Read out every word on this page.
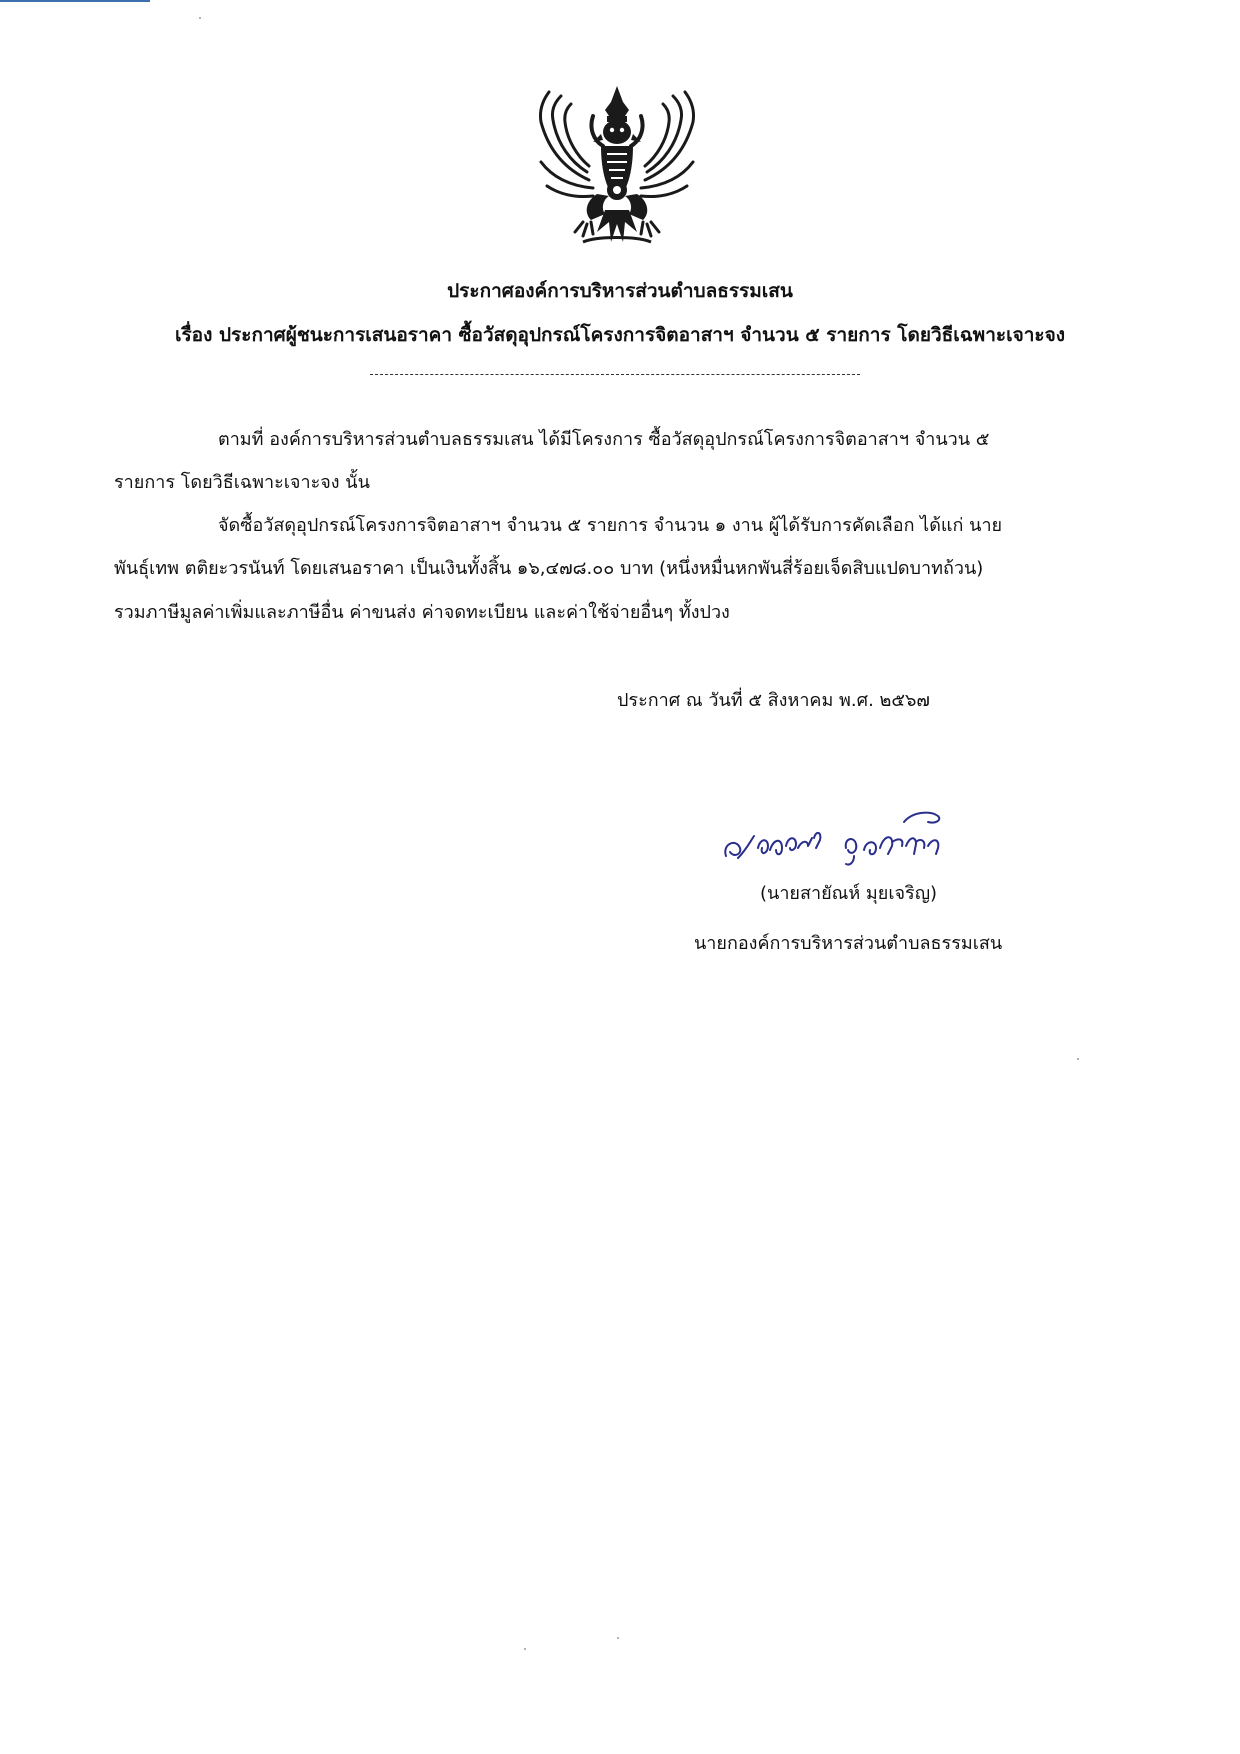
ประกาศองค์การบริหารส่วนตำบลธรรมเสน
เรื่อง ประกาศผู้ชนะการเสนอราคา ซื้อวัสดุอุปกรณ์โครงการจิตอาสาฯ จำนวน ๕ รายการ โดยวิธีเฉพาะเจาะจง
ตามที่ องค์การบริหารส่วนตำบลธรรมเสน ได้มีโครงการ ซื้อวัสดุอุปกรณ์โครงการจิตอาสาฯ จำนวน ๕
รายการ โดยวิธีเฉพาะเจาะจง นั้น
จัดซื้อวัสดุอุปกรณ์โครงการจิตอาสาฯ จำนวน ๕ รายการ จำนวน ๑ งาน ผู้ได้รับการคัดเลือก ได้แก่ นาย
พันธุ์เทพ ตติยะวรนันท์ โดยเสนอราคา เป็นเงินทั้งสิ้น ๑๖,๔๗๘.๐๐ บาท (หนึ่งหมื่นหกพันสี่ร้อยเจ็ดสิบแปดบาทถ้วน)
รวมภาษีมูลค่าเพิ่มและภาษีอื่น ค่าขนส่ง ค่าจดทะเบียน และค่าใช้จ่ายอื่นๆ ทั้งปวง
ประกาศ ณ วันที่ ๕ สิงหาคม พ.ศ. ๒๕๖๗
(นายสายัณห์ มุยเจริญ)
นายกองค์การบริหารส่วนตำบลธรรมเสน
